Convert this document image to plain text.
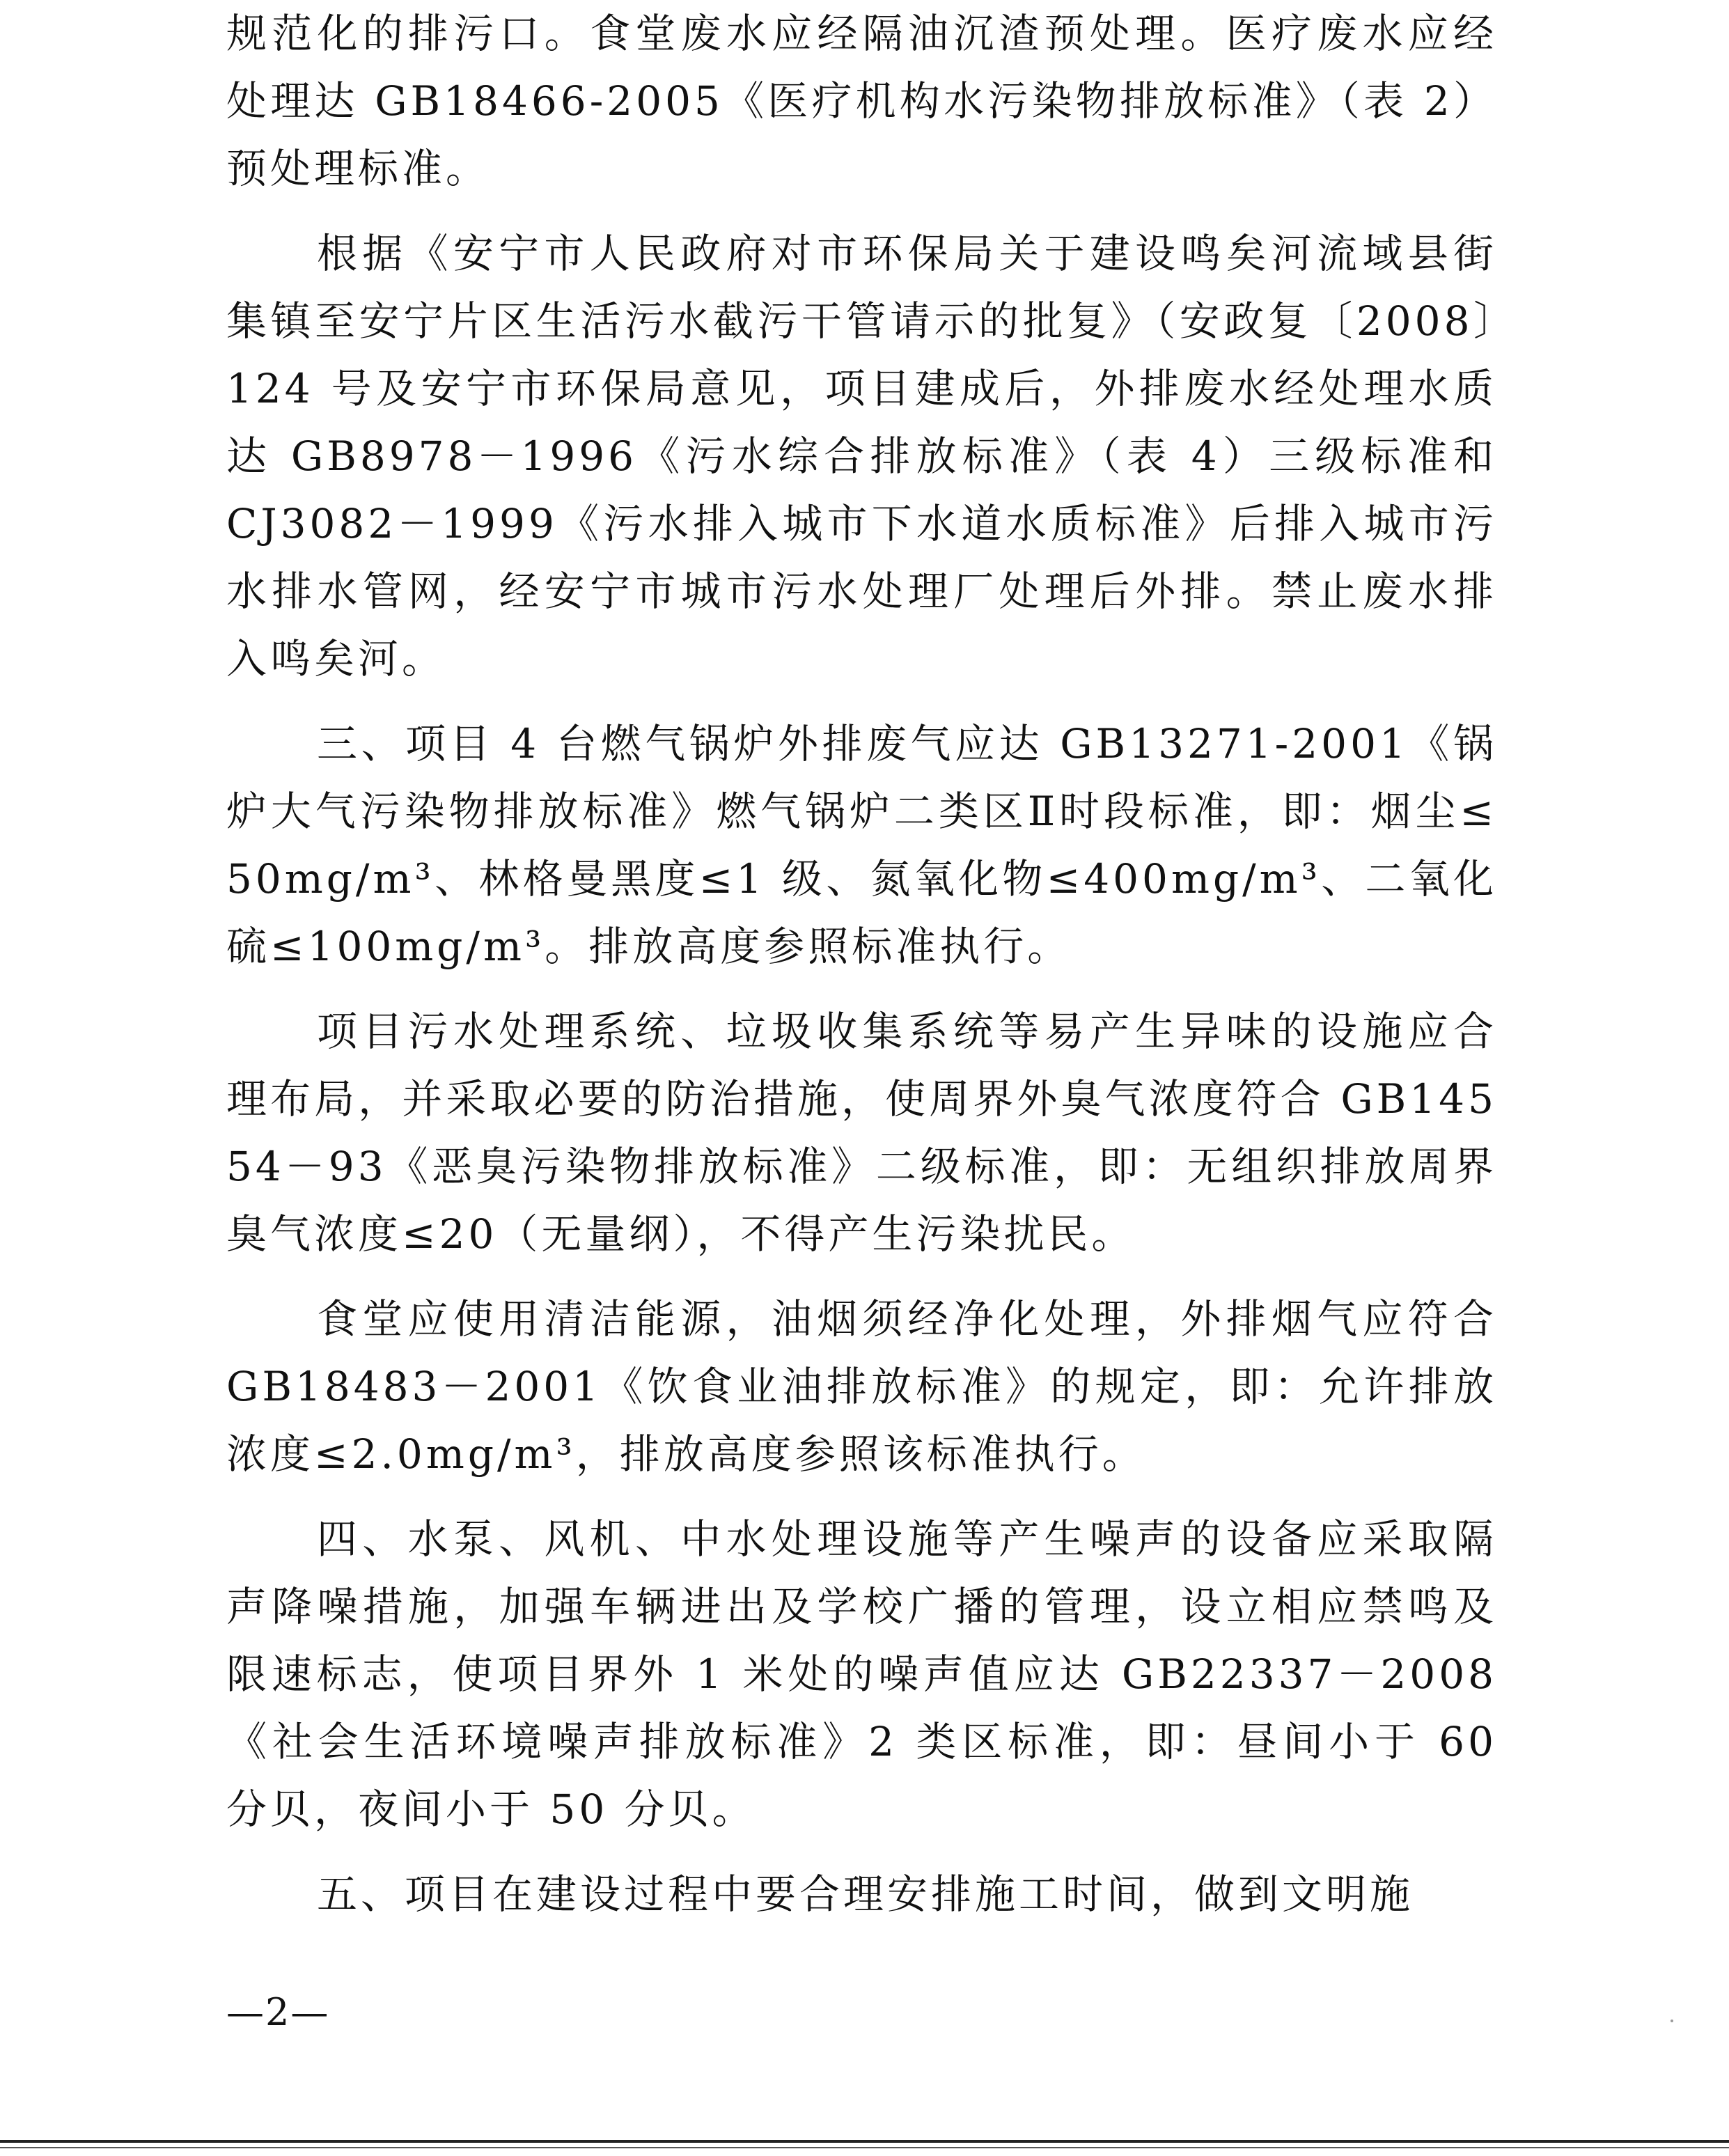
规范化的排污口。食堂废水应经隔油沉渣预处理。医疗废水应经处理达 GB18466-2005《医疗机构水污染物排放标准》（表 2）预处理标准。

根据《安宁市人民政府对市环保局关于建设鸣矣河流域县街集镇至安宁片区生活污水截污干管请示的批复》（安政复〔2008〕124 号及安宁市环保局意见，项目建成后，外排废水经处理水质达 GB8978－1996《污水综合排放标准》（表 4）三级标准和 CJ3082－1999《污水排入城市下水道水质标准》后排入城市污水排水管网，经安宁市城市污水处理厂处理后外排。禁止废水排入鸣矣河。

三、项目 4 台燃气锅炉外排废气应达 GB13271-2001《锅炉大气污染物排放标准》燃气锅炉二类区Ⅱ时段标准，即：烟尘≤50mg/m³、林格曼黑度≤1 级、氮氧化物≤400mg/m³、二氧化硫≤100mg/m³。排放高度参照标准执行。

项目污水处理系统、垃圾收集系统等易产生异味的设施应合理布局，并采取必要的防治措施，使周界外臭气浓度符合 GB14554－93《恶臭污染物排放标准》二级标准，即：无组织排放周界臭气浓度≤20（无量纲），不得产生污染扰民。

食堂应使用清洁能源，油烟须经净化处理，外排烟气应符合 GB18483－2001《饮食业油排放标准》的规定，即：允许排放浓度≤2.0mg/m³，排放高度参照该标准执行。

四、水泵、风机、中水处理设施等产生噪声的设备应采取隔声降噪措施，加强车辆进出及学校广播的管理，设立相应禁鸣及限速标志，使项目界外 1 米处的噪声值应达 GB22337－2008《社会生活环境噪声排放标准》2 类区标准，即：昼间小于 60 分贝，夜间小于 50 分贝。

五、项目在建设过程中要合理安排施工时间，做到文明施

—2—
